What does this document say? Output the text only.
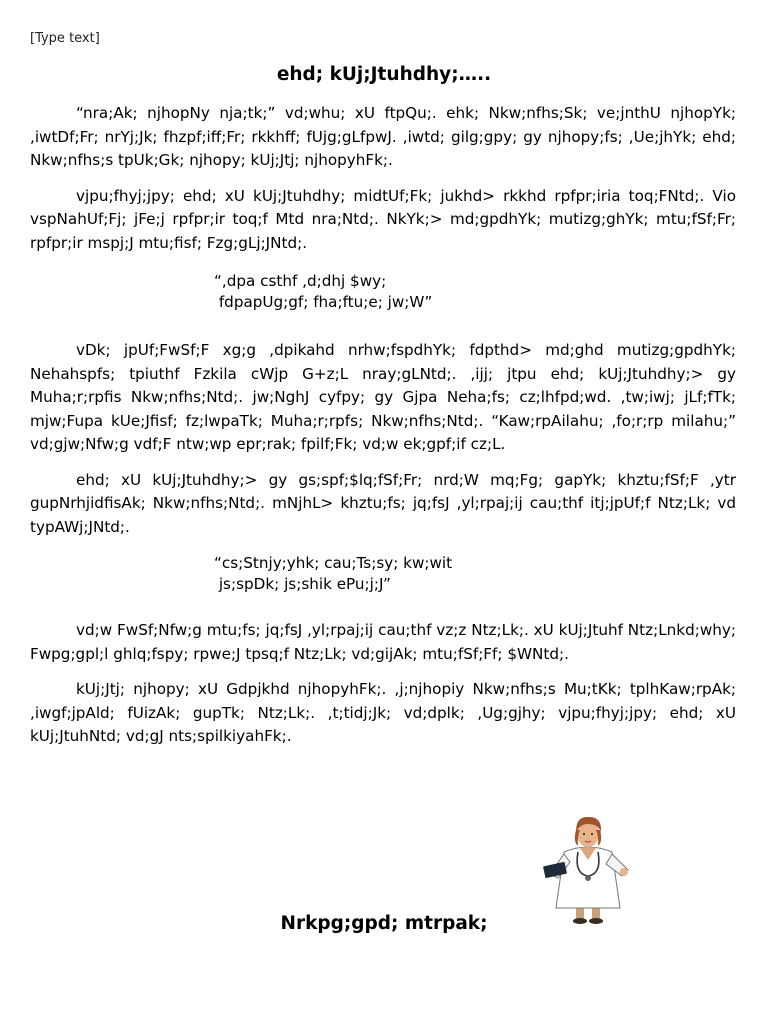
[Type text]
ehd; kUj;Jtuhdhy;…..

“nra;Ak; njhopNy nja;tk;” vd;whu; xU ftpQu;. ehk; Nkw;nfhs;Sk; ve;jnthU njhopYk; ,iwtDf;Fr; nrYj;Jk; fhzpf;iff;Fr; rkkhff; fUjg;gLfpwJ. ,iwtd; gilg;gpy; gy njhopy;fs; ,Ue;jhYk; ehd; Nkw;nfhs;s tpUk;Gk; njhopy; kUj;Jtj; njhopyhFk;.

vjpu;fhyj;jpy; ehd; xU kUj;Jtuhdhy; midtUf;Fk; jukhd> rkkhd rpfpr;iria toq;FNtd;. Vio vspNahUf;Fj; jFe;j rpfpr;ir toq;f Mtd nra;Ntd;. NkYk;> md;gpdhYk; mutizg;ghYk; mtu;fSf;Fr; rpfpr;ir mspj;J mtu;fisf; Fzg;gLj;JNtd;.

“,dpa csthf ,d;dhj $wy;
fdpapUg;gf; fha;ftu;e; jw;W”

vDk; jpUf;FwSf;F xg;g ,dpikahd nrhw;fspdhYk; fdpthd> md;ghd mutizg;gpdhYk; Nehahspfs; tpiuthf Fzkila cWjp G+z;L nray;gLNtd;. ,ijj; jtpu ehd; kUj;Jtuhdhy;> gy Muha;r;rpfis Nkw;nfhs;Ntd;. jw;NghJ cyfpy; gy Gjpa Neha;fs; cz;lhfpd;wd. ,tw;iwj; jLf;fTk; mjw;Fupa kUe;Jfisf; fz;lwpaTk; Muha;r;rpfs; Nkw;nfhs;Ntd;. “Kaw;rpAilahu; ,fo;r;rp milahu;” vd;gjw;Nfw;g vdf;F ntw;wp epr;rak; fpilf;Fk; vd;w ek;gpf;if cz;L.

ehd; xU kUj;Jtuhdhy;> gy gs;spf;$lq;fSf;Fr; nrd;W mq;Fg; gapYk; khztu;fSf;F ,ytr gupNrhjidfisAk; Nkw;nfhs;Ntd;. mNjhL> khztu;fs; jq;fsJ ,yl;rpaj;ij cau;thf itj;jpUf;f Ntz;Lk; vd typAWj;JNtd;.

“cs;Stnjy;yhk; cau;Ts;sy; kw;wit
js;spDk; js;shik ePu;j;J”

vd;w FwSf;Nfw;g mtu;fs; jq;fsJ ,yl;rpaj;ij cau;thf vz;z Ntz;Lk;. xU kUj;Jtuhf Ntz;Lnkd;why; Fwpg;gpl;l ghlq;fspy; rpwe;J tpsq;f Ntz;Lk; vd;gijAk; mtu;fSf;Ff; $WNtd;.

kUj;Jtj; njhopy; xU Gdpjkhd njhopyhFk;. ,j;njhopiy Nkw;nfhs;s Mu;tKk; tplhKaw;rpAk; ,iwgf;jpAld; fUizAk; gupTk; Ntz;Lk;. ,t;tidj;Jk; vd;dplk; ,Ug;gjhy; vjpu;fhyj;jpy; ehd; xU kUj;JtuhNtd; vd;gJ nts;spilkiyahFk;.

Nrkpg;gpd; mtrpak;
